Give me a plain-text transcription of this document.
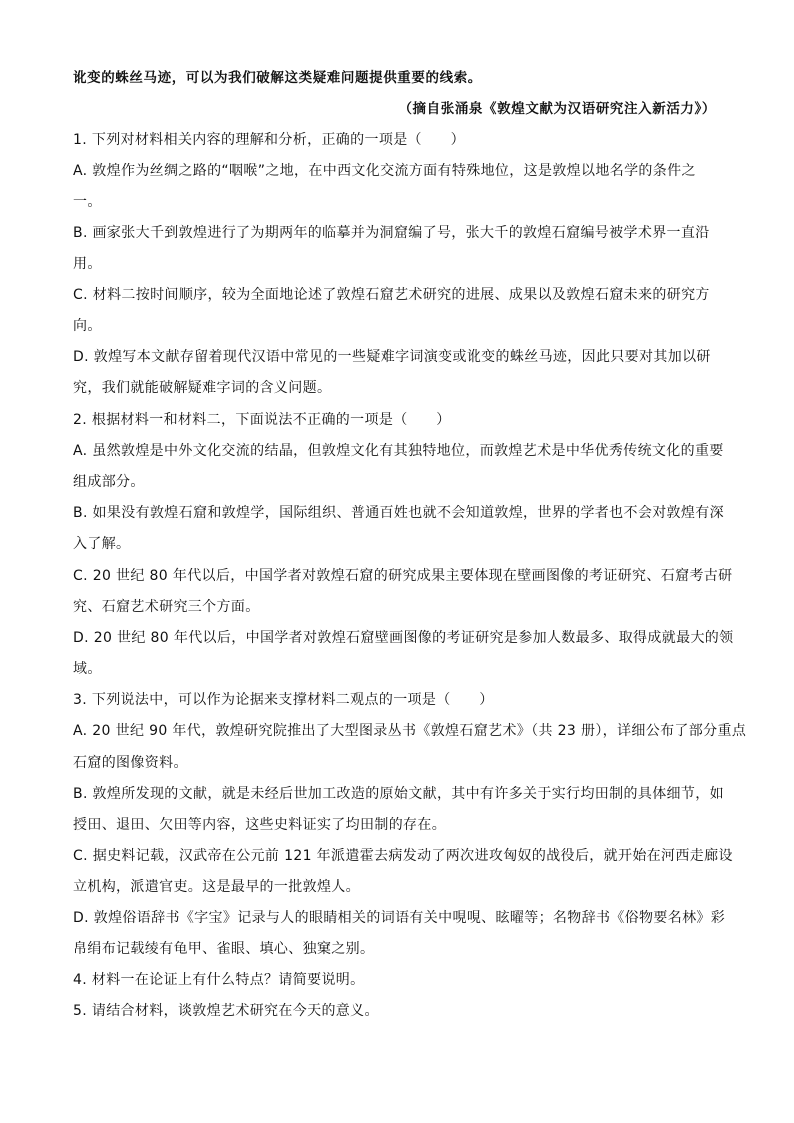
讹变的蛛丝马迹，可以为我们破解这类疑难问题提供重要的线索。
（摘自张涌泉《敦煌文献为汉语研究注入新活力》）
1. 下列对材料相关内容的理解和分析，正确的一项是（　　）
A. 敦煌作为丝绸之路的“咽喉”之地，在中西文化交流方面有特殊地位，这是敦煌以地名学的条件之
一。
B. 画家张大千到敦煌进行了为期两年的临摹并为洞窟编了号，张大千的敦煌石窟编号被学术界一直沿
用。
C. 材料二按时间顺序，较为全面地论述了敦煌石窟艺术研究的进展、成果以及敦煌石窟未来的研究方
向。
D. 敦煌写本文献存留着现代汉语中常见的一些疑难字词演变或讹变的蛛丝马迹，因此只要对其加以研
究，我们就能破解疑难字词的含义问题。
2. 根据材料一和材料二，下面说法不正确的一项是（　　）
A. 虽然敦煌是中外文化交流的结晶，但敦煌文化有其独特地位，而敦煌艺术是中华优秀传统文化的重要
组成部分。
B. 如果没有敦煌石窟和敦煌学，国际组织、普通百姓也就不会知道敦煌，世界的学者也不会对敦煌有深
入了解。
C. 20 世纪 80 年代以后，中国学者对敦煌石窟的研究成果主要体现在壁画图像的考证研究、石窟考古研
究、石窟艺术研究三个方面。
D. 20 世纪 80 年代以后，中国学者对敦煌石窟壁画图像的考证研究是参加人数最多、取得成就最大的领
域。
3. 下列说法中，可以作为论据来支撑材料二观点的一项是（　　）
A. 20 世纪 90 年代，敦煌研究院推出了大型图录丛书《敦煌石窟艺术》（共 23 册），详细公布了部分重点
石窟的图像资料。
B. 敦煌所发现的文献，就是未经后世加工改造的原始文献，其中有许多关于实行均田制的具体细节，如
授田、退田、欠田等内容，这些史料证实了均田制的存在。
C. 据史料记载，汉武帝在公元前 121 年派遣霍去病发动了两次进攻匈奴的战役后，就开始在河西走廊设
立机构，派遣官吏。这是最早的一批敦煌人。
D. 敦煌俗语辞书《字宝》记录与人的眼睛相关的词语有关中哯哯、眩曜等；名物辞书《俗物要名林》彩
帛绢布记载绫有龟甲、雀眼、填心、独窠之别。
4. 材料一在论证上有什么特点？请简要说明。
5. 请结合材料，谈敦煌艺术研究在今天的意义。
